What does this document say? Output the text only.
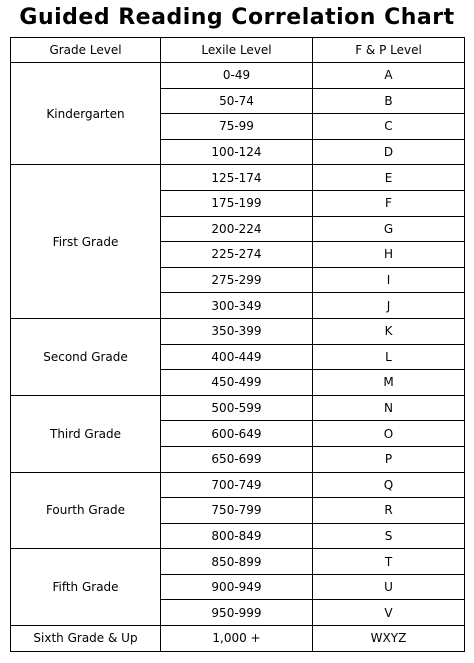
Guided Reading Correlation Chart
Grade Level	Lexile Level	F & P Level
Kindergarten	0-49	A
	50-74	B
	75-99	C
	100-124	D
First Grade	125-174	E
	175-199	F
	200-224	G
	225-274	H
	275-299	I
	300-349	J
Second Grade	350-399	K
	400-449	L
	450-499	M
Third Grade	500-599	N
	600-649	O
	650-699	P
Fourth Grade	700-749	Q
	750-799	R
	800-849	S
Fifth Grade	850-899	T
	900-949	U
	950-999	V
Sixth Grade & Up	1,000 +	WXYZ
